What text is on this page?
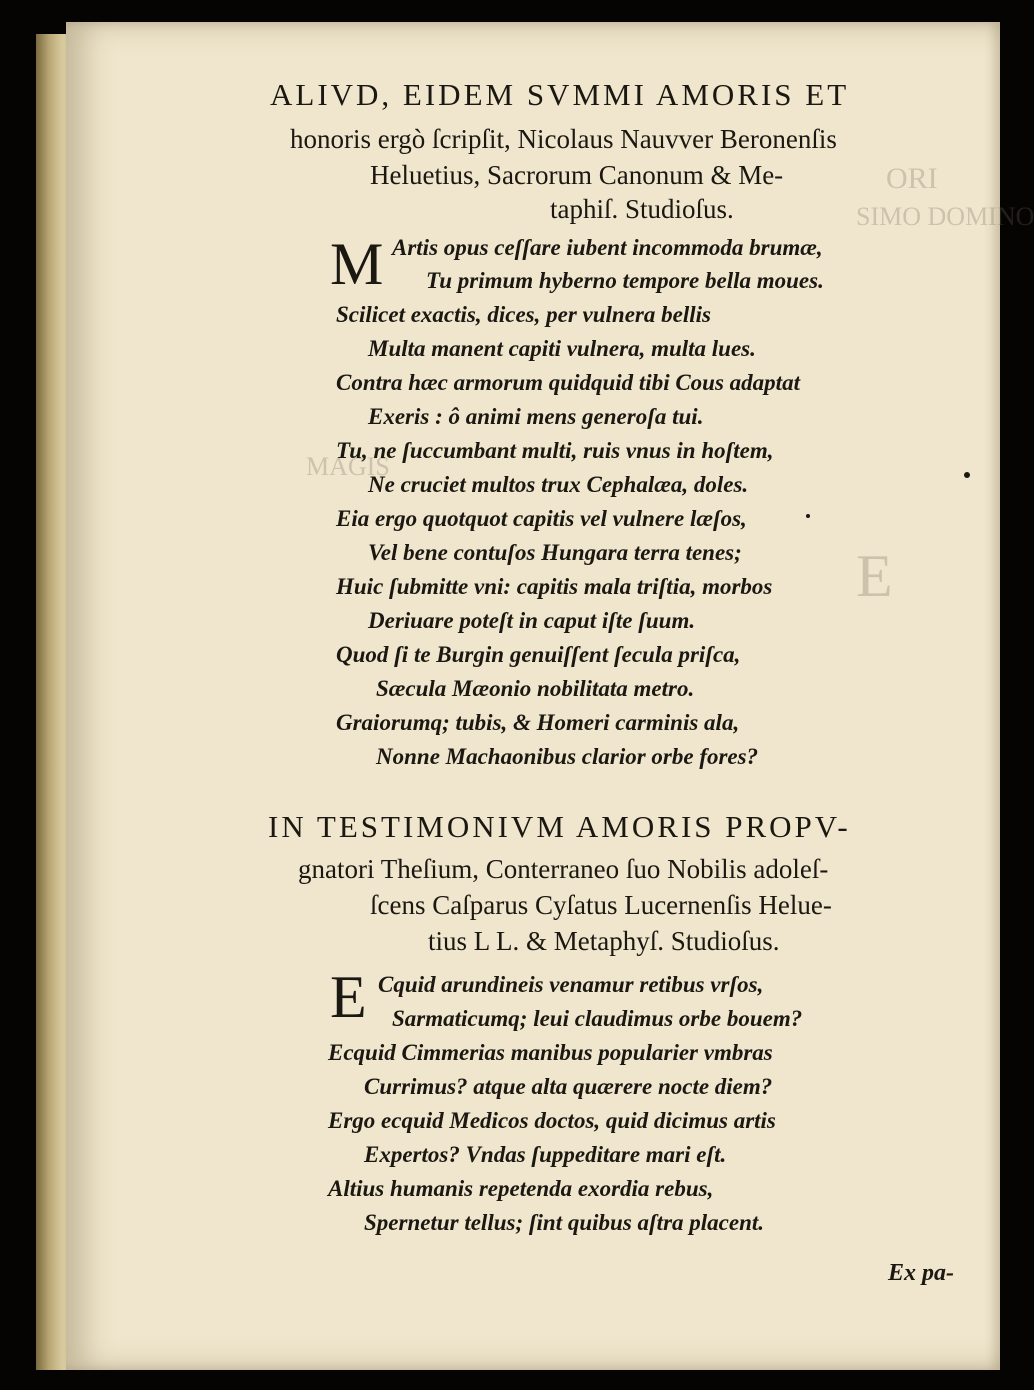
ORI
SIMO DOMINO
MAGIS
E
ALIVD, EIDEM SVMMI AMORIS ET
honoris ergò ſcripſit, Nicolaus Nauvver Beronenſis
Heluetius, Sacrorum Canonum & Me-
taphiſ. Studioſus.
M Artis opus ceſſare iubent incommoda brumæ,
Tu primum hyberno tempore bella moues.
Scilicet exactis, dices, per vulnera bellis
Multa manent capiti vulnera, multa lues.
Contra hæc armorum quidquid tibi Cous adaptat
Exeris : ô animi mens generoſa tui.
Tu, ne ſuccumbant multi, ruis vnus in hoſtem,
Ne cruciet multos trux Cephalæa, doles.
Eia ergo quotquot capitis vel vulnere læſos,
Vel bene contuſos Hungara terra tenes;
Huic ſubmitte vni: capitis mala triſtia, morbos
Deriuare poteſt in caput iſte ſuum.
Quod ſi te Burgin genuiſſent ſecula priſca,
Sæcula Mæonio nobilitata metro.
Graiorumq; tubis, & Homeri carminis ala,
Nonne Machaonibus clarior orbe fores?
IN TESTIMONIVM AMORIS PROPV-
gnatori Theſium, Conterraneo ſuo Nobilis adoleſ-
ſcens Caſparus Cyſatus Lucernenſis Helue-
tius L L. & Metaphyſ. Studioſus.
E Cquid arundineis venamur retibus vrſos,
Sarmaticumq; leui claudimus orbe bouem?
Ecquid Cimmerias manibus popularier vmbras
Currimus? atque alta quærere nocte diem?
Ergo ecquid Medicos doctos, quid dicimus artis
Expertos? Vndas ſuppeditare mari eſt.
Altius humanis repetenda exordia rebus,
Spernetur tellus; ſint quibus aſtra placent.
Ex pa-
